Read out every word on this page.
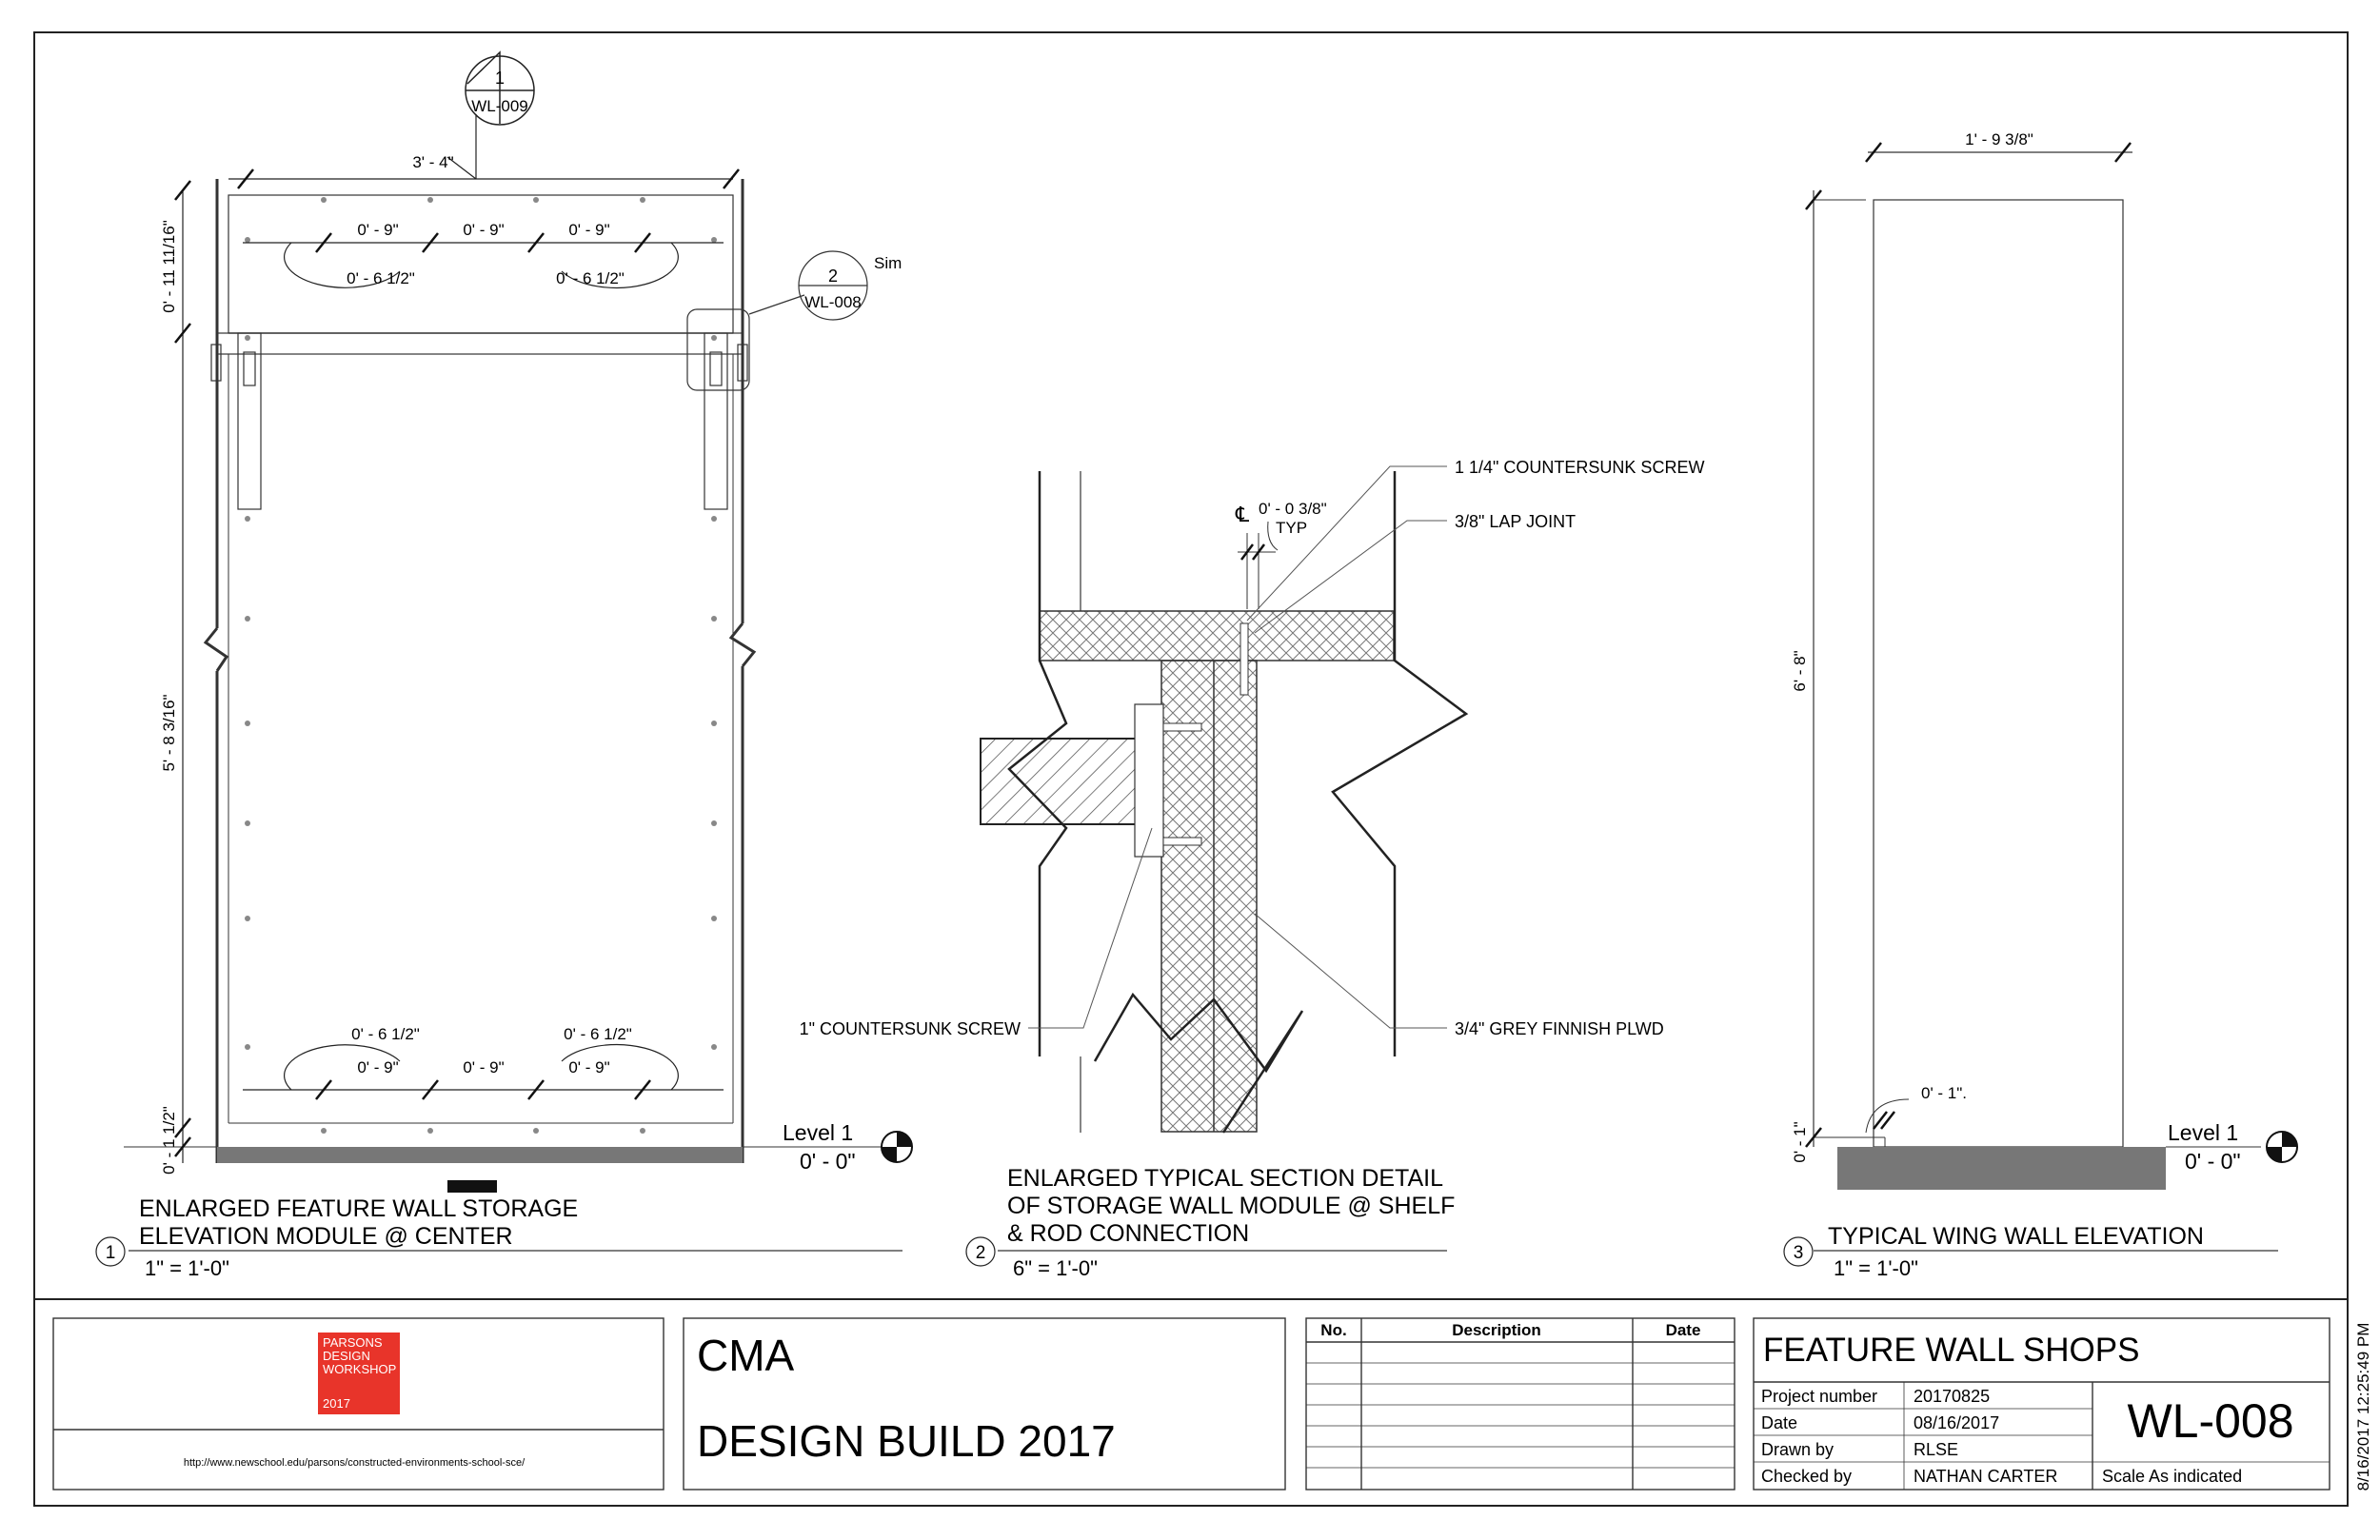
1
WL-009
2
WL-008
Sim
3' - 4"
0' - 9"	0' - 9"	0' - 9"
0' - 6 1/2"	0' - 6 1/2"
0' - 6 1/2"	0' - 6 1/2"
0' - 9"	0' - 9"	0' - 9"
0' - 11 11/16"
5' - 8 3/16"
0' - 1 1/2"	Level 1
0' - 0"
1
ENLARGED FEATURE WALL STORAGE
ELEVATION MODULE @ CENTER
1" = 1'-0"
1 1/4" COUNTERSUNK SCREW
3/8" LAP JOINT
1" COUNTERSUNK SCREW	3/4" GREY FINNISH PLWD
℄ 0' - 0 3/8"
TYP
2
ENLARGED TYPICAL SECTION DETAIL
OF STORAGE WALL MODULE @ SHELF
& ROD CONNECTION
6" = 1'-0"
1' - 9 3/8"
6' - 8"
0' - 1"
0' - 1".
Level 1
0' - 0"
3
TYPICAL WING WALL ELEVATION
1" = 1'-0"
http://www.newschool.edu/parsons/constructed-environments-school-sce/
CMA
DESIGN BUILD 2017
No.	Description	Date
FEATURE WALL SHOPS
Project number 20170825
Date	08/16/2017
Drawn by	RLSE
Checked by	NATHAN CARTER
WL-008
Scale As indicated	8/16/2017 12:25:49 PM
PARSONS
DESIGN
WORKSHOP
2017
